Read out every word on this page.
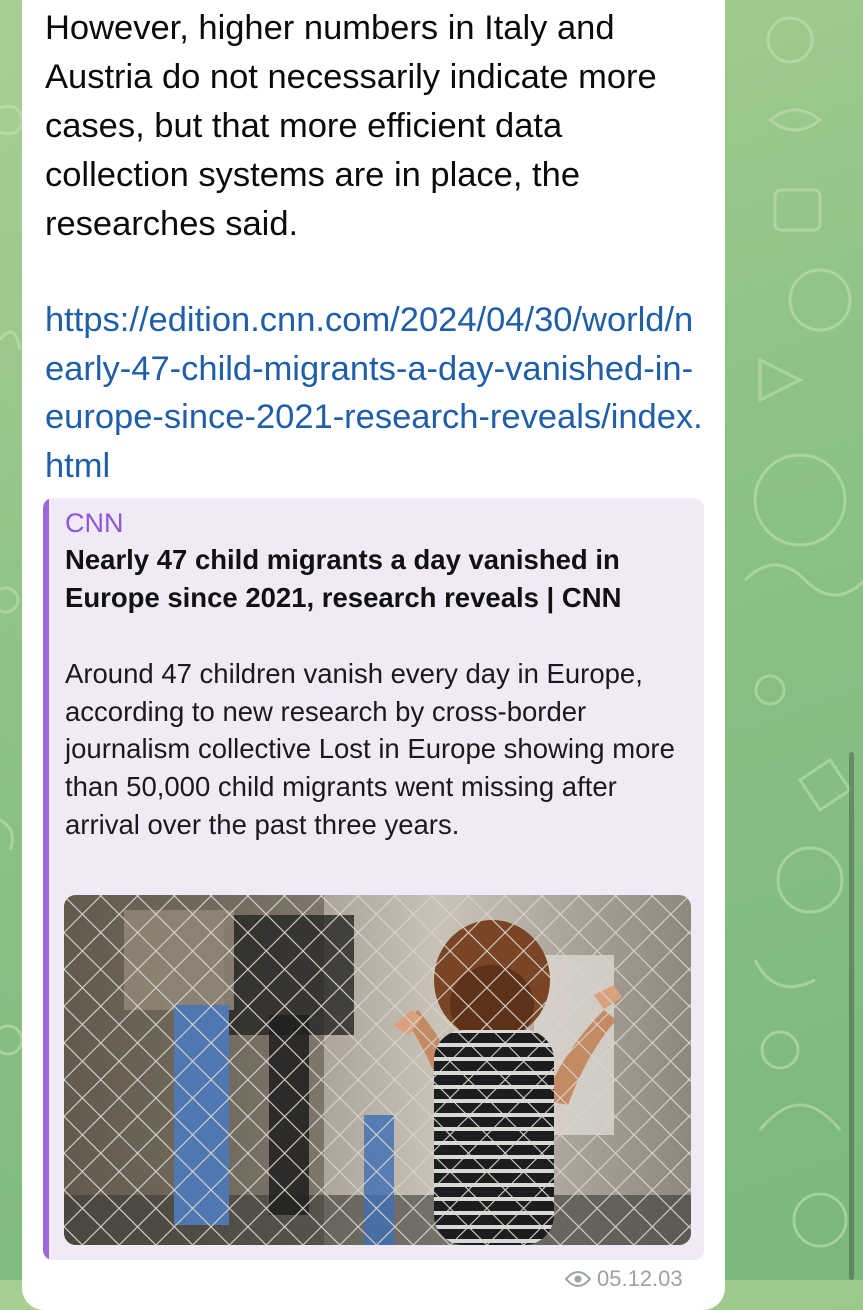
However, higher numbers in Italy and Austria do not necessarily indicate more cases, but that more efficient data collection systems are in place, the researches said.

https://edition.cnn.com/2024/04/30/world/nearly-47-child-migrants-a-day-vanished-in-europe-since-2021-research-reveals/index.html
CNN
Nearly 47 child migrants a day vanished in Europe since 2021, research reveals | CNN
Around 47 children vanish every day in Europe, according to new research by cross-border journalism collective Lost in Europe showing more than 50,000 child migrants went missing after arrival over the past three years.
05.12.03
